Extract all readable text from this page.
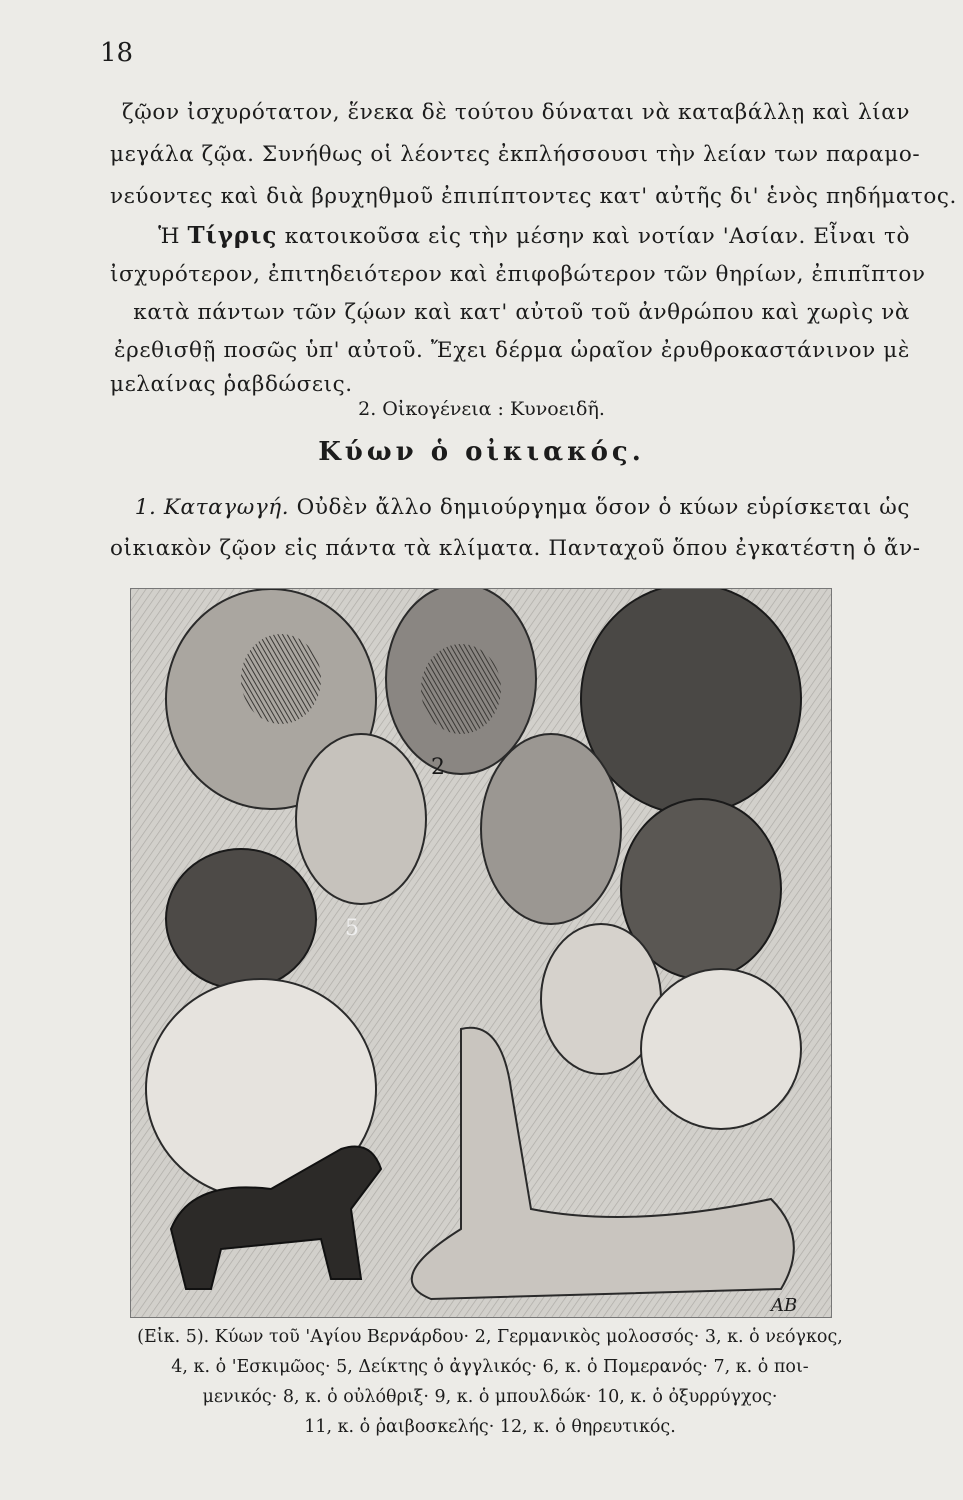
18
ζῷον ἰσχυρότατον, ἕνεκα δὲ τούτου δύναται νὰ καταβάλλῃ καὶ λίαν
μεγάλα ζῷα. Συνήθως οἱ λέοντες ἐκπλήσσουσι τὴν λείαν των παραμο-
νεύοντες καὶ διὰ βρυχηθμοῦ ἐπιπίπτοντες κατ' αὐτῆς δι' ἑνὸς πηδήματος.
Ἡ Τίγρις κατοικοῦσα εἰς τὴν μέσην καὶ νοτίαν 'Ασίαν. Εἶναι τὸ
ἰσχυρότερον, ἐπιτηδειότερον καὶ ἐπιφοβώτερον τῶν θηρίων, ἐπιπῖπτον
κατὰ πάντων τῶν ζῴων καὶ κατ' αὐτοῦ τοῦ ἀνθρώπου καὶ χωρὶς νὰ
ἐρεθισθῇ ποσῶς ὑπ' αὐτοῦ. Ἔχει δέρμα ὡραῖον ἐρυθροκαστάνινον μὲ
μελαίνας ῥαβδώσεις.
2. Οἰκογένεια : Κυνοειδῆ.
Κύων ὁ οἰκιακός.
1. Καταγωγή. Οὐδὲν ἄλλο δημιούργημα ὅσον ὁ κύων εὑρίσκεται ὡς
οἰκιακὸν ζῷον εἰς πάντα τὰ κλίματα. Πανταχοῦ ὅπου ἐγκατέστη ὁ ἄν-
2
5
ΑΒ
(Εἰκ. 5). Κύων τοῦ 'Αγίου Βερνάρδου· 2, Γερμανικὸς μολοσσός· 3, κ. ὁ νεόγκος,
4, κ. ὁ 'Εσκιμῶος· 5, Δείκτης ὁ ἀγγλικός· 6, κ. ὁ Πομερανός· 7, κ. ὁ ποι-
μενικός· 8, κ. ὁ οὐλόθριξ· 9, κ. ὁ μπουλδώκ· 10, κ. ὁ ὀξυρρύγχος·
11, κ. ὁ ῥαιβοσκελής· 12, κ. ὁ θηρευτικός.
